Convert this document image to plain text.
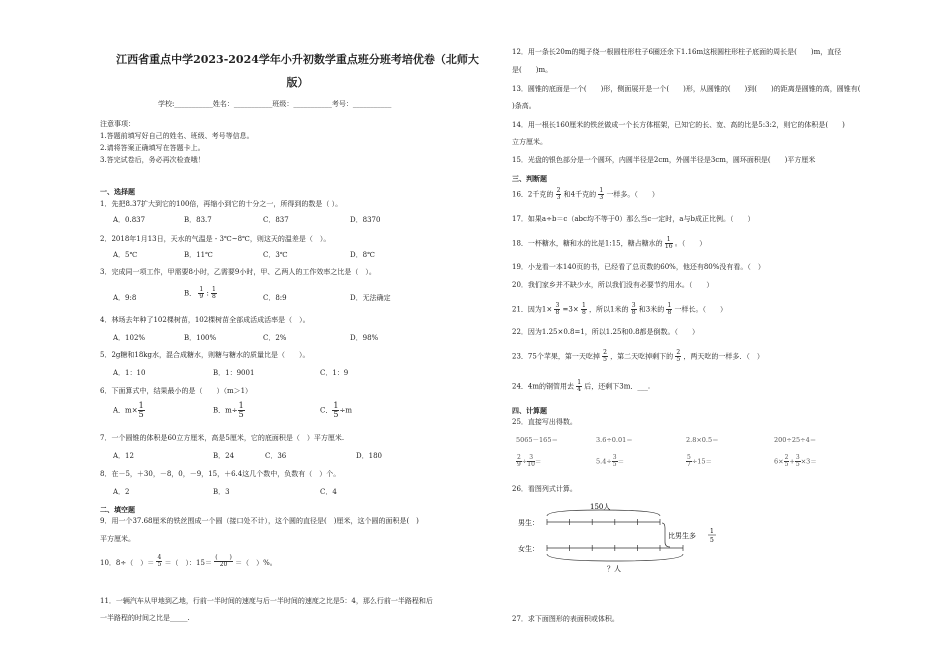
江西省重点中学2023-2024学年小升初数学重点班分班考培优卷（北师大
版）
学校:___________姓名：___________班级：___________考号：___________
注意事项：
1.答题前填写好自己的姓名、班级、考号等信息。
2.请将答案正确填写在答题卡上。
3.答完试卷后，务必再次检查哦！
一、选择题
1．先把8.37扩大到它的100倍，再缩小到它的十分之一，所得到的数是（ ）。
A．0.837	B．83.7	C．837	D．8370
2．2018年1月13日，天水的气温是 - 3℃~8℃，则这天的温差是（　）。
A．5℃	B．11℃	C．3℃	D．8℃
3．完成同一项工作，甲需要8小时，乙需要9小时，甲、乙两人的工作效率之比是（　）。
A．9:8
B． $\frac{1}{9}$ : $\frac{1}{8}$	C．8:9	D．无法确定
4．林场去年种了102棵树苗，102棵树苗全部成活成活率是（　）。
A．102%	B．100%	C．2%	D．98%
5．2g糖和18kg水，混合成糖水，则糖与糖水的质量比是（　　）。
A．1：10	B．1：9001	C．1：9
6．下面算式中，结果最小的是（　　）（m＞1）
A．$m\times \frac{1}{5}$	B．$m\div \frac{1}{5}$	C． $\frac{1}{5} \div m$
7．一个圆锥的体积是60立方厘米，高是5厘米，它的底面积是（　）平方厘米.
A．12	B．24	C．36	D．180
8．在－5，＋30，－8，0，－9，15，＋6.4这几个数中，负数有（　）个。
A．2	B．3	C．4
二、填空题
9．用一个37.68厘米的铁丝围成一个圆（接口处不计），这个圆的直径是(　)厘米，这个圆的面积是(　)
平方厘米。
10．8÷（　）＝ $\frac{4}{5}$ ＝（　）：$15= \frac{( )}{20}$ ＝（　）%。
11．一辆汽车从甲地到乙地，行前一半时间的速度与后一半时间的速度之比是5：4，那么行前一半路程和后
一半路程的时间之比是_____.
12．用一条长20m的绳子绕一根圆柱形柱子6圈还余下1.16m这根圆柱形柱子底面的周长是(　　)m，直径
是(　　)m。
13．圆锥的底面是一个(　　)形，侧面展开是一个(　　)形，从圆锥的(　　)到(　　)的距离是圆锥的高，圆锥有(　
)条高。
14．用一根长160厘米的铁丝做成一个长方体框架，已知它的长、宽、高的比是5:3:2，则它的体积是(　　)
立方厘米。
15．光盘的银色部分是一个圆环，内圆半径是2cm，外圆半径是3cm，圆环面积是(　　)平方厘米
三、判断题
16．2千克的 $\frac{2}{3}$ 和4千克的 $\frac{1}{3}$ 一样多。（　　）
17．如果a÷b＝c（abc均不等于0）那么当c一定时，a与b成正比例。（　　）
18．一杯糖水，糖和水的比是1:15，糖占糖水的 $\frac{1}{16}$ 。（　　）
19．小龙看一本140页的书，已经看了总页数的60%，他还有80%没有看。（　）
20．我们家乡并不缺少水，所以我们没有必要节约用水。（　　）
21．因为$1\times \frac{3}{8} =3\times \frac{1}{8}$ ，所以1米的 $\frac{3}{8}$ 和3米的 $\frac{1}{8}$ 一样长。（　　）
22．因为1.25×0.8=1，所以1.25和0.8都是倒数。（　　）
23．75个苹果，第一天吃掉 $\frac{2}{5}$ ，第二天吃掉剩下的 $\frac{2}{5}$ ，两天吃的一样多．（　）
24．4m的钢管用去 $\frac{1}{4}$ 后，还剩下3m．___.
四、计算题
25．直接写出得数。
5065－165＝	3.6÷0.01＝	2.8×0.5＝	200÷25÷4＝
$\frac{2}{9} \div \frac{3}{10}$ ＝	$5.4\div \frac{3}{5}$ ＝	$\frac{5}{7} \div 15=$	$6\times \frac{2}{5} + \frac{3}{5} \times 3=$
26．看图列式计算。
150人
男生：
女生：
比男生多
1
5
？人
27．求下面图形的表面积或体积。
